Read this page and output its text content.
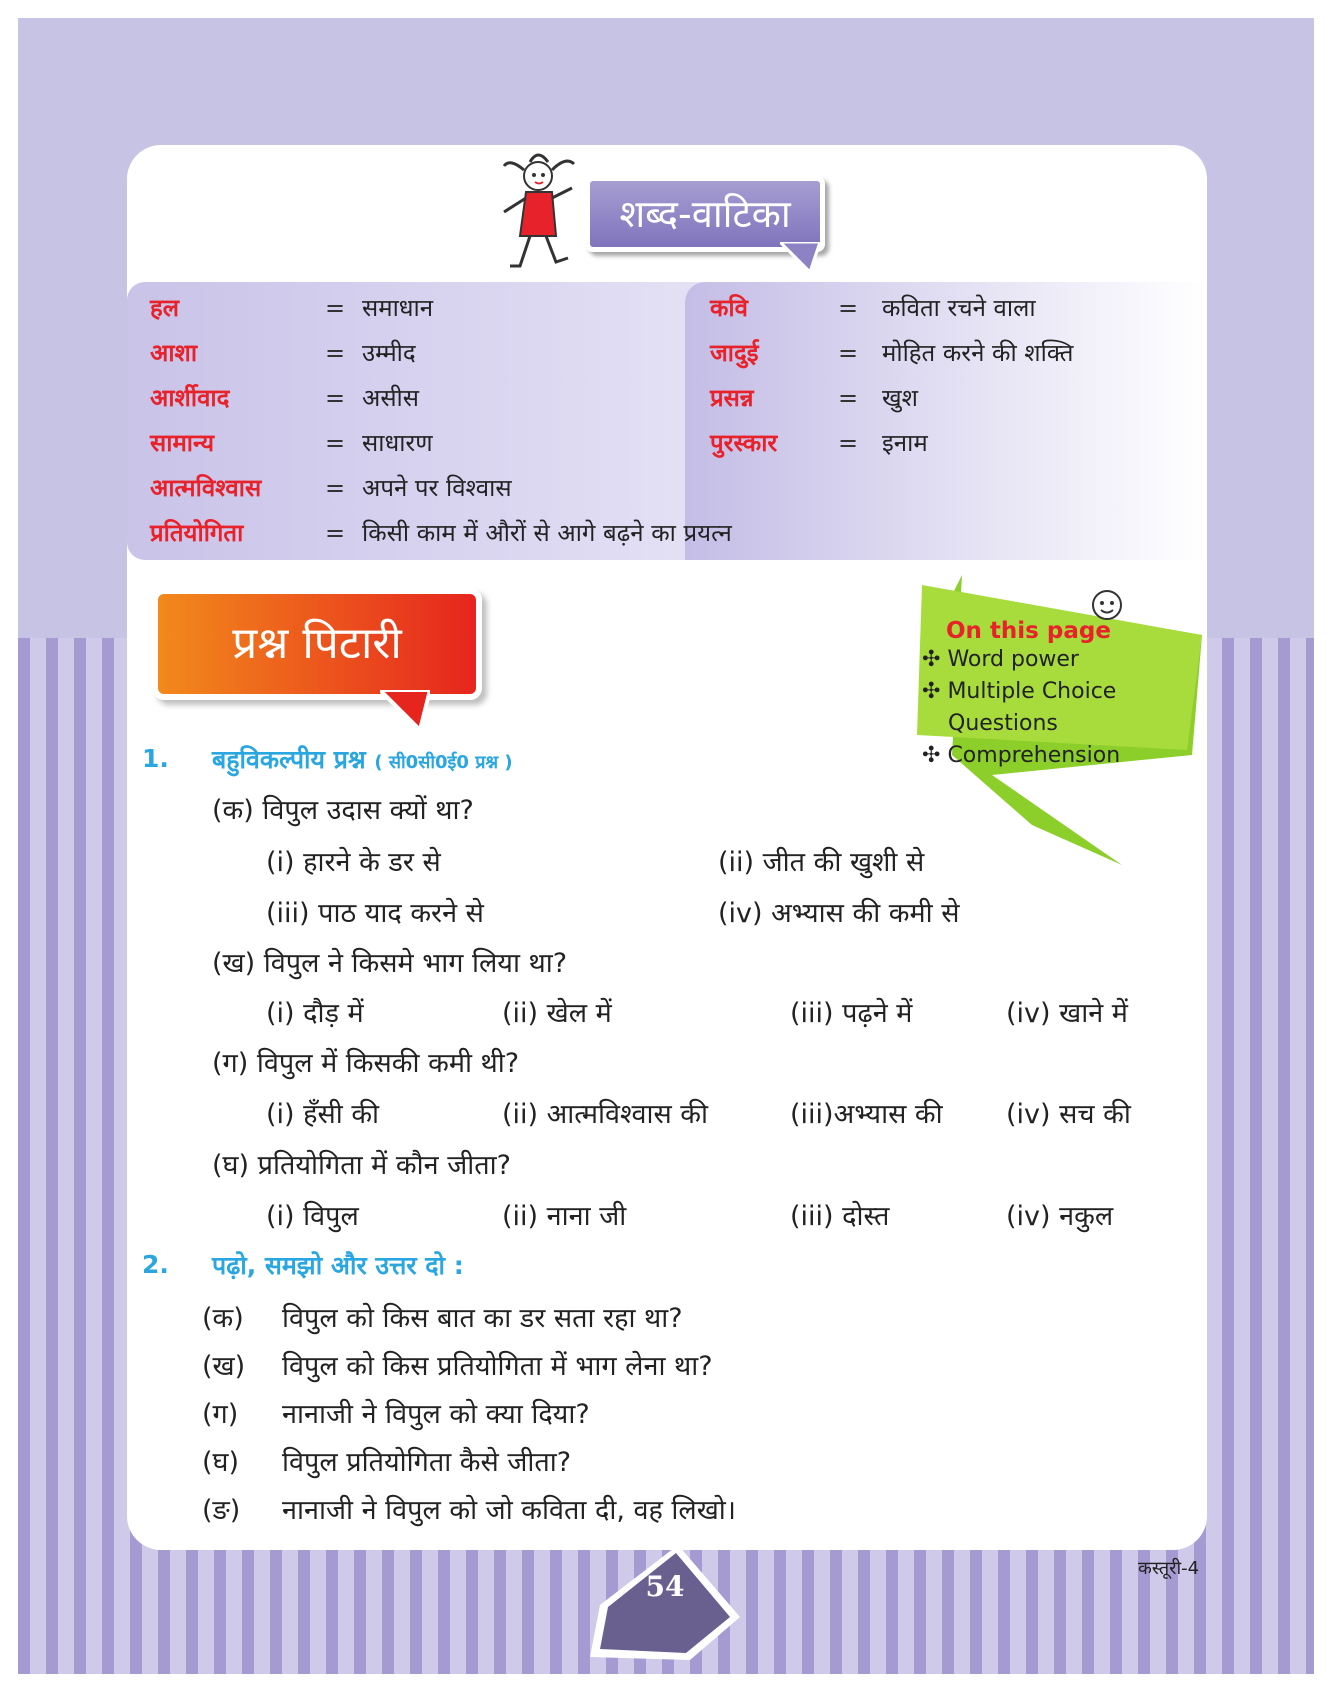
शब्द-वाटिका
हल	= समाधान
आशा	= उम्मीद
आर्शीवाद	= असीस
सामान्य	= साधारण
आत्मविश्वास	= अपने पर विश्वास
प्रतियोगिता	= किसी काम में औरों से आगे बढ़ने का प्रयत्न
कवि	= कविता रचने वाला
जादुई	= मोहित करने की शक्ति
प्रसन्न	= खुश
पुरस्कार	= इनाम
प्रश्न पिटारी	On this page
✣ Word power
✣ Multiple Choice
Questions
✣ Comprehension
1. बहुविकल्पीय प्रश्न ( सी0सी0ई0 प्रश्न )
(क) विपुल उदास क्यों था?
(i) हारने के डर से	(ii) जीत की खुशी से
(iii) पाठ याद करने से	(iv) अभ्यास की कमी से
(ख) विपुल ने किसमे भाग लिया था?
(i) दौड़ में	(ii) खेल में	(iii) पढ़ने में	(iv) खाने में
(ग) विपुल में किसकी कमी थी?
(i) हँसी की	(ii) आत्मविश्वास की	(iii)अभ्यास की (iv) सच की
(घ) प्रतियोगिता में कौन जीता?
(i) विपुल	(ii) नाना जी	(iii) दोस्त	(iv) नकुल
2. पढ़ो, समझो और उत्तर दो :
(क) विपुल को किस बात का डर सता रहा था?
(ख) विपुल को किस प्रतियोगिता में भाग लेना था?
(ग) नानाजी ने विपुल को क्या दिया?
(घ) विपुल प्रतियोगिता कैसे जीता?
(ङ) नानाजी ने विपुल को जो कविता दी, वह लिखो।
54
कस्तूरी-4
